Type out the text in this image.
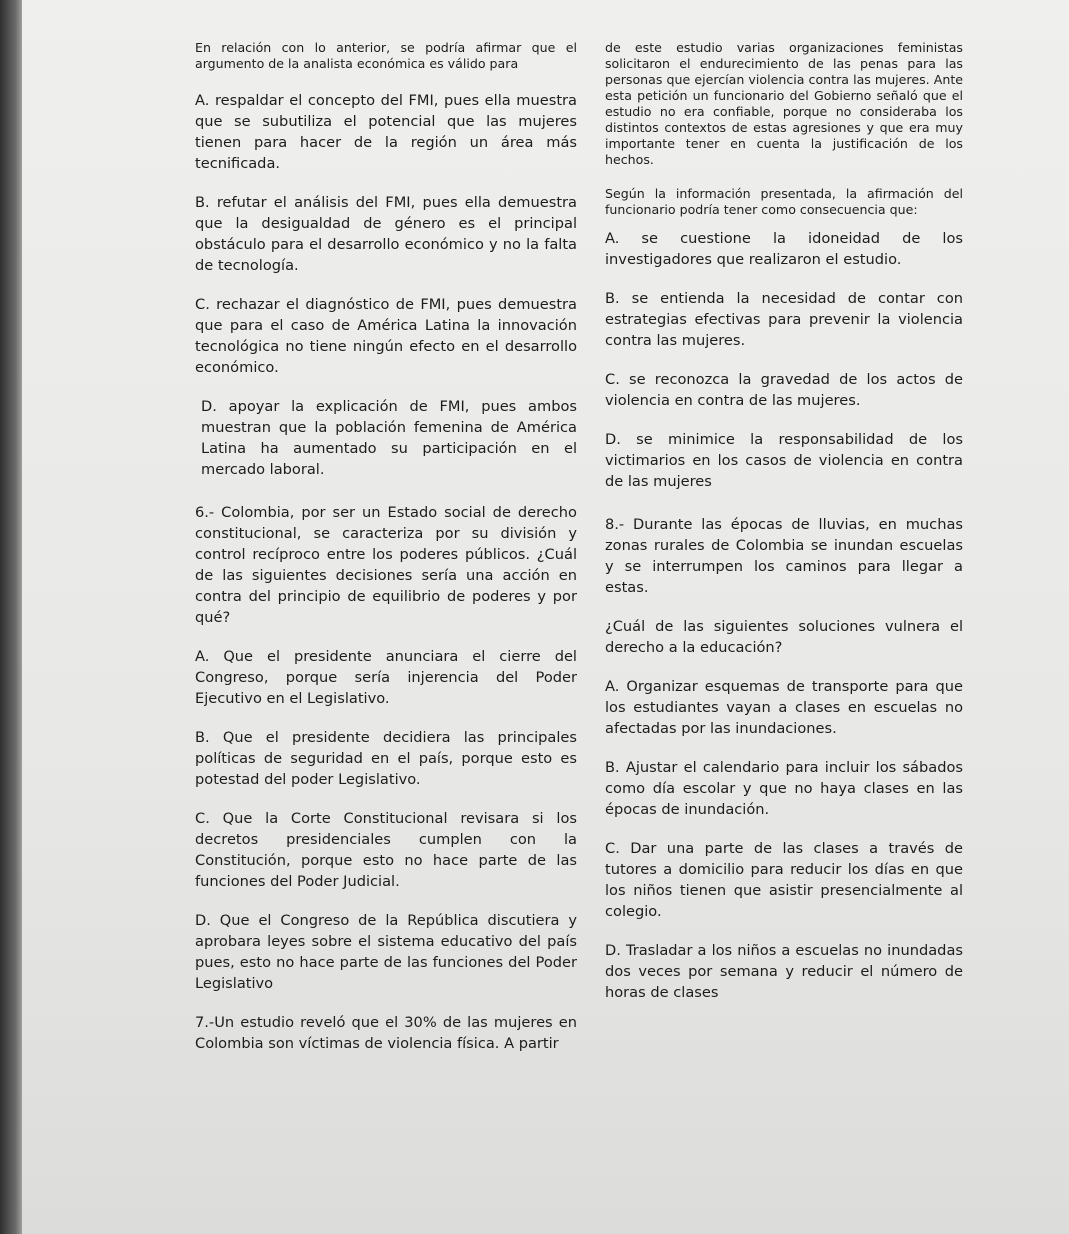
En relación con lo anterior, se podría afirmar que el argumento de la analista económica es válido para

A. respaldar el concepto del FMI, pues ella muestra que se subutiliza el potencial que las mujeres tienen para hacer de la región un área más tecnificada.

B. refutar el análisis del FMI, pues ella demuestra que la desigualdad de género es el principal obstáculo para el desarrollo económico y no la falta de tecnología.

C. rechazar el diagnóstico de FMI, pues demuestra que para el caso de América Latina la innovación tecnológica no tiene ningún efecto en el desarrollo económico.

D. apoyar la explicación de FMI, pues ambos muestran que la población femenina de América Latina ha aumentado su participación en el mercado laboral.

6.- Colombia, por ser un Estado social de derecho constitucional, se caracteriza por su división y control recíproco entre los poderes públicos. ¿Cuál de las siguientes decisiones sería una acción en contra del principio de equilibrio de poderes y por qué?

A. Que el presidente anunciara el cierre del Congreso, porque sería injerencia del Poder Ejecutivo en el Legislativo.

B. Que el presidente decidiera las principales políticas de seguridad en el país, porque esto es potestad del poder Legislativo.

C. Que la Corte Constitucional revisara si los decretos presidenciales cumplen con la Constitución, porque esto no hace parte de las funciones del Poder Judicial.

D. Que el Congreso de la República discutiera y aprobara leyes sobre el sistema educativo del país pues, esto no hace parte de las funciones del Poder Legislativo

7.-Un estudio reveló que el 30% de las mujeres en Colombia son víctimas de violencia física. A partir

de este estudio varias organizaciones feministas solicitaron el endurecimiento de las penas para las personas que ejercían violencia contra las mujeres. Ante esta petición un funcionario del Gobierno señaló que el estudio no era confiable, porque no consideraba los distintos contextos de estas agresiones y que era muy importante tener en cuenta la justificación de los hechos.

Según la información presentada, la afirmación del funcionario podría tener como consecuencia que:

A. se cuestione la idoneidad de los investigadores que realizaron el estudio.

B. se entienda la necesidad de contar con estrategias efectivas para prevenir la violencia contra las mujeres.

C. se reconozca la gravedad de los actos de violencia en contra de las mujeres.

D. se minimice la responsabilidad de los victimarios en los casos de violencia en contra de las mujeres

8.- Durante las épocas de lluvias, en muchas zonas rurales de Colombia se inundan escuelas y se interrumpen los caminos para llegar a estas.

¿Cuál de las siguientes soluciones vulnera el derecho a la educación?

A. Organizar esquemas de transporte para que los estudiantes vayan a clases en escuelas no afectadas por las inundaciones.

B. Ajustar el calendario para incluir los sábados como día escolar y que no haya clases en las épocas de inundación.

C. Dar una parte de las clases a través de tutores a domicilio para reducir los días en que los niños tienen que asistir presencialmente al colegio.

D. Trasladar a los niños a escuelas no inundadas dos veces por semana y reducir el número de horas de clases
